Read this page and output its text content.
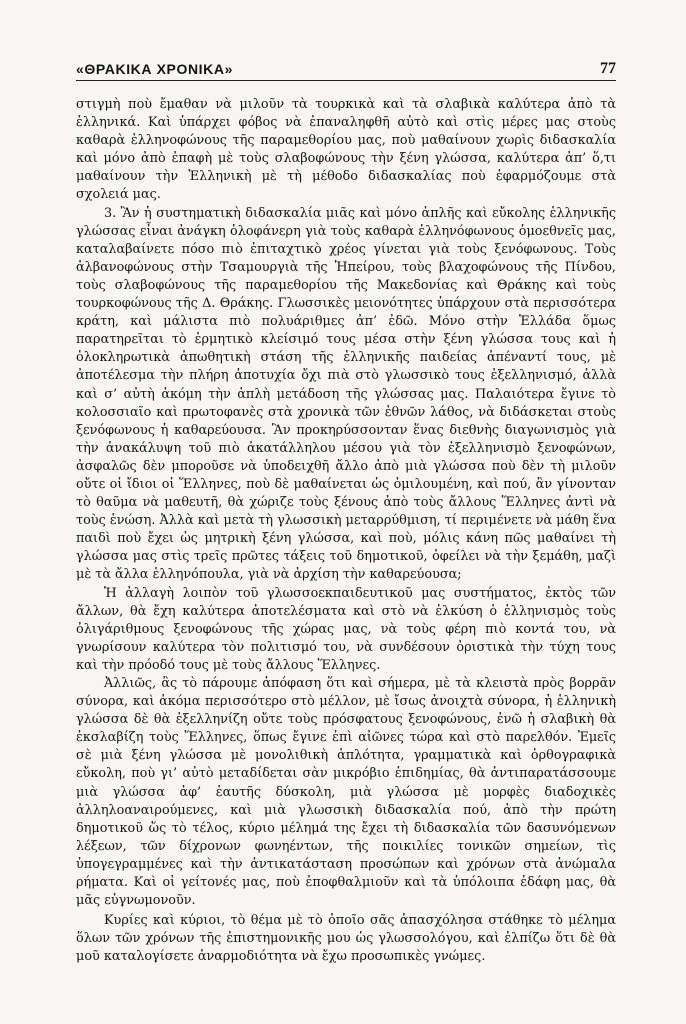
«ΘΡΑΚΙΚΑ ΧΡΟΝΙΚΑ»	77

στιγμὴ ποὺ ἔμαθαν νὰ μιλοῦν τὰ τουρκικὰ καὶ τὰ σλαβικὰ καλύτερα ἀπὸ τὰ ἑλληνικά. Καὶ ὑπάρχει φόβος νὰ ἐπαναληφθῆ αὐτὸ καὶ στὶς μέρες μας στοὺς καθαρὰ ἑλληνοφώνους τῆς παραμεθορίου μας, ποὺ μαθαίνουν χωρὶς διδασκαλία καὶ μόνο ἀπὸ ἐπαφὴ μὲ τοὺς σλαβοφώνους τὴν ξένη γλώσσα, καλύτερα ἀπ’ ὅ,τι μαθαίνουν τὴν Ἑλληνικὴ μὲ τὴ μέθοδο διδασκαλίας ποὺ ἐφαρμόζουμε στὰ σχολειά μας.

3. Ἂν ἡ συστηματικὴ διδασκαλία μιᾶς καὶ μόνο ἁπλῆς καὶ εὔκολης ἑλληνικῆς γλώσσας εἶναι ἀνάγκη ὁλοφάνερη γιὰ τοὺς καθαρὰ ἑλληνόφωνους ὁμοεθνεῖς μας, καταλαβαίνετε πόσο πιὸ ἐπιταχτικὸ χρέος γίνεται γιὰ τοὺς ξενόφωνους. Τοὺς ἀλβανοφώνους στὴν Τσαμουργιὰ τῆς Ἠπείρου, τοὺς βλαχοφώνους τῆς Πίνδου, τοὺς σλαβοφώνους τῆς παραμεθορίου τῆς Μακεδονίας καὶ Θράκης καὶ τοὺς τουρκοφώνους τῆς Δ. Θράκης. Γλωσσικὲς μειονότητες ὑπάρχουν στὰ περισσότερα κράτη, καὶ μάλιστα πιὸ πολυάριθμες ἀπ’ ἐδῶ. Μόνο στὴν Ἑλλάδα ὅμως παρατηρεῖται τὸ ἑρμητικὸ κλείσιμό τους μέσα στὴν ξένη γλώσσα τους καὶ ἡ ὁλοκληρωτικὰ ἀπωθητικὴ στάση τῆς ἑλληνικῆς παιδείας ἀπέναντί τους, μὲ ἀποτέλεσμα τὴν πλήρη ἀποτυχία ὄχι πιὰ στὸ γλωσσικὸ τους ἐξελληνισμό, ἀλλὰ καὶ σ’ αὐτὴ ἀκόμη τὴν ἁπλὴ μετάδοση τῆς γλώσσας μας. Παλαιότερα ἔγινε τὸ κολοσσιαῖο καὶ πρωτοφανὲς στὰ χρονικὰ τῶν ἐθνῶν λάθος, νὰ διδάσκεται στοὺς ξενόφωνους ἡ καθαρεύουσα. Ἂν προκηρύσσονταν ἕνας διεθνὴς διαγωνισμὸς γιὰ τὴν ἀνακάλυψη τοῦ πιὸ ἀκατάλληλου μέσου γιὰ τὸν ἐξελληνισμὸ ξενοφώνων, ἀσφαλῶς δὲν μποροῦσε νὰ ὑποδειχθῆ ἄλλο ἀπὸ μιὰ γλώσσα ποὺ δὲν τὴ μιλοῦν οὔτε οἱ ἴδιοι οἱ Ἕλληνες, ποὺ δὲ μαθαίνεται ὡς ὁμιλουμένη, καὶ πού, ἂν γίνονταν τὸ θαῦμα νὰ μαθευτῆ, θὰ χώριζε τοὺς ξένους ἀπὸ τοὺς ἄλλους Ἕλληνες ἀντὶ νὰ τοὺς ἑνώση. Ἀλλὰ καὶ μετὰ τὴ γλωσσικὴ μεταρρύθμιση, τί περιμένετε νὰ μάθη ἕνα παιδὶ ποὺ ἔχει ὡς μητρικὴ ξένη γλώσσα, καὶ ποὺ, μόλις κάνη πῶς μαθαίνει τὴ γλώσσα μας στὶς τρεῖς πρῶτες τάξεις τοῦ δημοτικοῦ, ὀφείλει νὰ τὴν ξεμάθη, μαζὶ μὲ τὰ ἄλλα ἑλληνόπουλα, γιὰ νὰ ἀρχίση τὴν καθαρεύουσα;

Ἡ ἀλλαγὴ λοιπὸν τοῦ γλωσσοεκπαιδευτικοῦ μας συστήματος, ἐκτὸς τῶν ἄλλων, θὰ ἔχη καλύτερα ἀποτελέσματα καὶ στὸ νὰ ἑλκύση ὁ ἑλληνισμὸς τοὺς ὀλιγάριθμους ξενοφώνους τῆς χώρας μας, νὰ τοὺς φέρη πιὸ κοντά του, νὰ γνωρίσουν καλύτερα τὸν πολιτισμό του, νὰ συνδέσουν ὁριστικὰ τὴν τύχη τους καὶ τὴν πρόοδό τους μὲ τοὺς ἄλλους Ἕλληνες.

Ἀλλιῶς, ἂς τὸ πάρουμε ἀπόφαση ὅτι καὶ σήμερα, μὲ τὰ κλειστὰ πρὸς βορρᾶν σύνορα, καὶ ἀκόμα περισσότερο στὸ μέλλον, μὲ ἴσως ἀνοιχτὰ σύνορα, ἡ ἑλληνικὴ γλώσσα δὲ θὰ ἐξελληνίζη οὔτε τοὺς πρόσφατους ξενοφώνους, ἐνῶ ἡ σλαβικὴ θὰ ἐκσλαβίζη τοὺς Ἕλληνες, ὅπως ἔγινε ἐπὶ αἰῶνες τώρα καὶ στὸ παρελθόν. Ἐμεῖς σὲ μιὰ ξένη γλώσσα μὲ μονολιθικὴ ἁπλότητα, γραμματικὰ καὶ ὀρθογραφικὰ εὔκολη, ποὺ γι’ αὐτὸ μεταδίδεται σὰν μικρόβιο ἐπιδημίας, θὰ ἀντιπαρατάσσουμε μιὰ γλώσσα ἀφ’ ἑαυτῆς δύσκολη, μιὰ γλώσσα μὲ μορφὲς διαδοχικὲς ἀλληλοαναιρούμενες, καὶ μιὰ γλωσσικὴ διδασκαλία πού, ἀπὸ τὴν πρώτη δημοτικοῦ ὥς τὸ τέλος, κύριο μέλημά της ἔχει τὴ διδασκαλία τῶν δασυνόμενων λέξεων, τῶν δίχρονων φωνηέντων, τῆς ποικιλίες τονικῶν σημείων, τὶς ὑπογεγραμμένες καὶ τὴν ἀντικατάσταση προσώπων καὶ χρόνων στὰ ἀνώμαλα ρήματα. Καὶ οἱ γείτονές μας, ποὺ ἐποφθαλμιοῦν καὶ τὰ ὑπόλοιπα ἐδάφη μας, θὰ μᾶς εὐγνωμονοῦν.

Κυρίες καὶ κύριοι, τὸ θέμα μὲ τὸ ὁποῖο σᾶς ἀπασχόλησα στάθηκε τὸ μέλημα ὅλων τῶν χρόνων τῆς ἐπιστημονικῆς μου ὡς γλωσσολόγου, καὶ ἐλπίζω ὅτι δὲ θὰ μοῦ καταλογίσετε ἀναρμοδιότητα νὰ ἔχω προσωπικὲς γνώμες.
